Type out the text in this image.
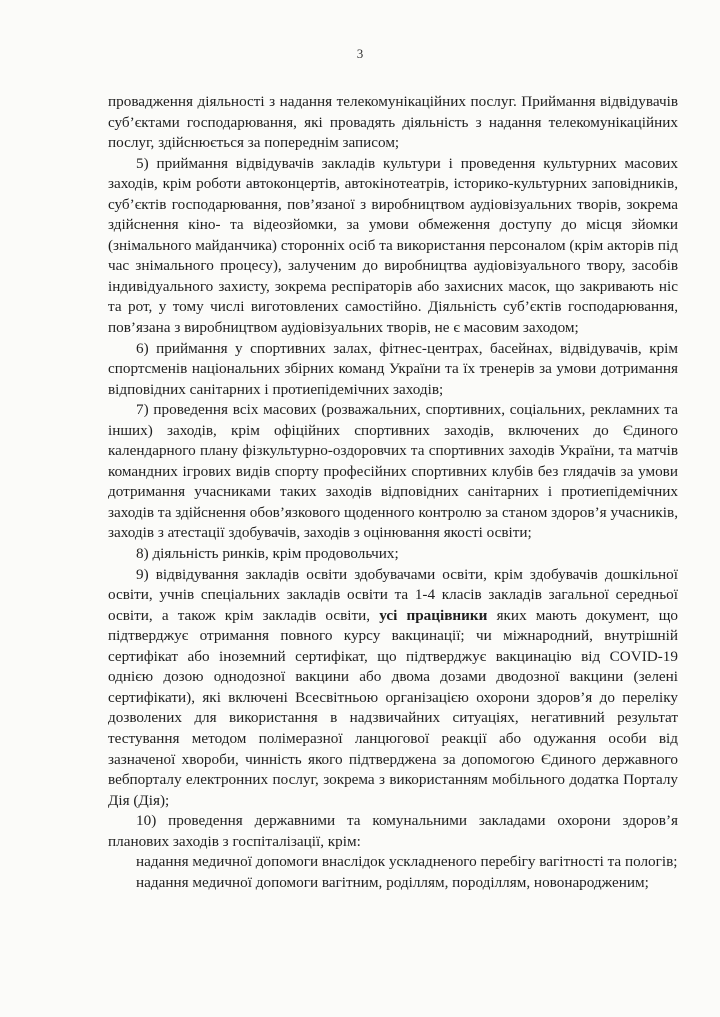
3

провадження діяльності з надання телекомунікаційних послуг. Приймання відвідувачів суб’єктами господарювання, які провадять діяльність з надання телекомунікаційних послуг, здійснюється за попереднім записом;

5) приймання відвідувачів закладів культури і проведення культурних масових заходів, крім роботи автоконцертів, автокінотеатрів, історико-культурних заповідників, суб’єктів господарювання, пов’язаної з виробництвом аудіовізуальних творів, зокрема здійснення кіно- та відеозйомки, за умови обмеження доступу до місця зйомки (знімального майданчика) сторонніх осіб та використання персоналом (крім акторів під час знімального процесу), залученим до виробництва аудіовізуального твору, засобів індивідуального захисту, зокрема респіраторів або захисних масок, що закривають ніс та рот, у тому числі виготовлених самостійно. Діяльність суб’єктів господарювання, пов’язана з виробництвом аудіовізуальних творів, не є масовим заходом;

6) приймання у спортивних залах, фітнес-центрах, басейнах, відвідувачів, крім спортсменів національних збірних команд України та їх тренерів за умови дотримання відповідних санітарних і протиепідемічних заходів;

7) проведення всіх масових (розважальних, спортивних, соціальних, рекламних та інших) заходів, крім офіційних спортивних заходів, включених до Єдиного календарного плану фізкультурно-оздоровчих та спортивних заходів України, та матчів командних ігрових видів спорту професійних спортивних клубів без глядачів за умови дотримання учасниками таких заходів відповідних санітарних і протиепідемічних заходів та здійснення обов’язкового щоденного контролю за станом здоров’я учасників, заходів з атестації здобувачів, заходів з оцінювання якості освіти;

8) діяльність ринків, крім продовольчих;

9) відвідування закладів освіти здобувачами освіти, крім здобувачів дошкільної освіти, учнів спеціальних закладів освіти та 1-4 класів закладів загальної середньої освіти, а також крім закладів освіти, усі працівники яких мають документ, що підтверджує отримання повного курсу вакцинації; чи міжнародний, внутрішній сертифікат або іноземний сертифікат, що підтверджує вакцинацію від COVID-19 однією дозою однодозної вакцини або двома дозами дводозної вакцини (зелені сертифікати), які включені Всесвітньою організацією охорони здоров’я до переліку дозволених для використання в надзвичайних ситуаціях, негативний результат тестування методом полімеразної ланцюгової реакції або одужання особи від зазначеної хвороби, чинність якого підтверджена за допомогою Єдиного державного вебпорталу електронних послуг, зокрема з використанням мобільного додатка Порталу Дія (Дія);

10) проведення державними та комунальними закладами охорони здоров’я планових заходів з госпіталізації, крім:

надання медичної допомоги внаслідок ускладненого перебігу вагітності та пологів;

надання медичної допомоги вагітним, роділлям, породіллям, новонародженим;
